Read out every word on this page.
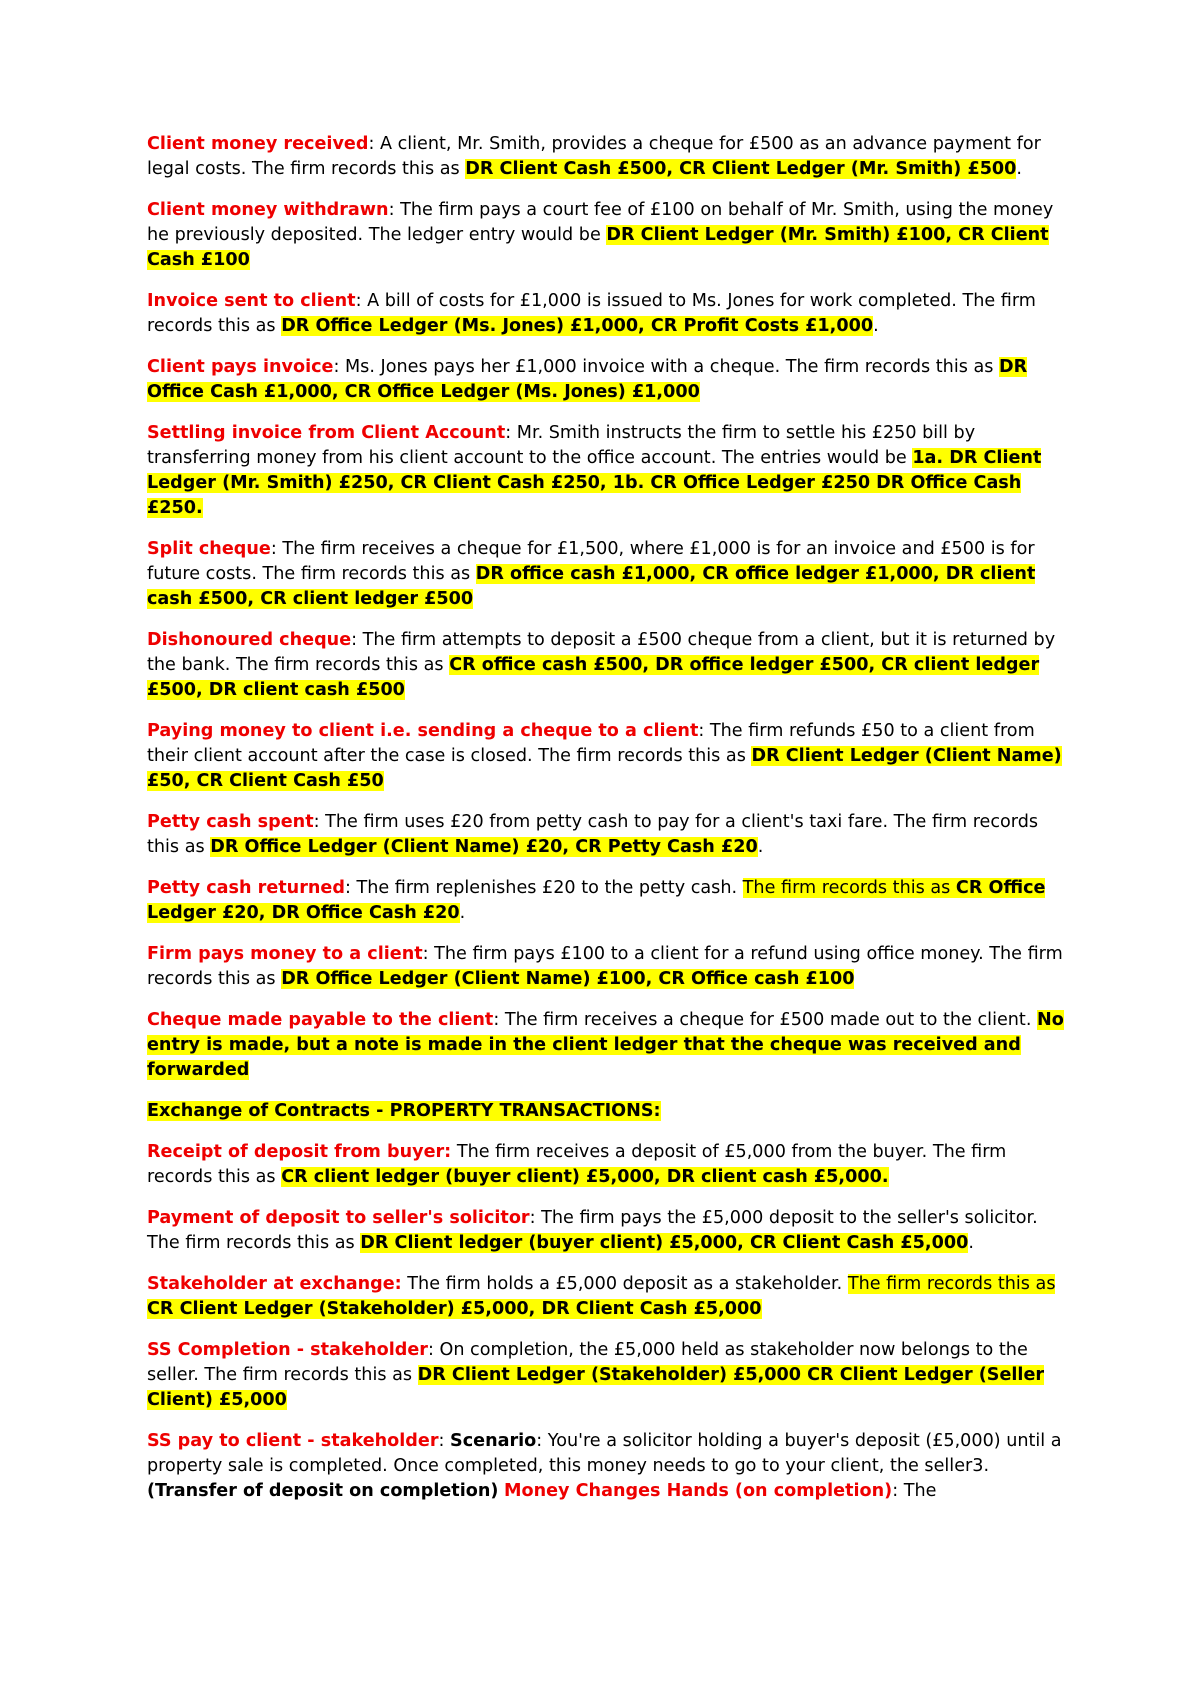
Client money received: A client, Mr. Smith, provides a cheque for £500 as an advance payment for legal costs. The firm records this as DR Client Cash £500, CR Client Ledger (Mr. Smith) £500.

Client money withdrawn: The firm pays a court fee of £100 on behalf of Mr. Smith, using the money he previously deposited. The ledger entry would be DR Client Ledger (Mr. Smith) £100, CR Client Cash £100

Invoice sent to client: A bill of costs for £1,000 is issued to Ms. Jones for work completed. The firm records this as DR Office Ledger (Ms. Jones) £1,000, CR Profit Costs £1,000.

Client pays invoice: Ms. Jones pays her £1,000 invoice with a cheque. The firm records this as DR Office Cash £1,000, CR Office Ledger (Ms. Jones) £1,000

Settling invoice from Client Account: Mr. Smith instructs the firm to settle his £250 bill by transferring money from his client account to the office account. The entries would be 1a. DR Client Ledger (Mr. Smith) £250, CR Client Cash £250, 1b. CR Office Ledger £250 DR Office Cash £250.

Split cheque: The firm receives a cheque for £1,500, where £1,000 is for an invoice and £500 is for future costs. The firm records this as DR office cash £1,000, CR office ledger £1,000, DR client cash £500, CR client ledger £500

Dishonoured cheque: The firm attempts to deposit a £500 cheque from a client, but it is returned by the bank. The firm records this as CR office cash £500, DR office ledger £500, CR client ledger £500, DR client cash £500

Paying money to client i.e. sending a cheque to a client: The firm refunds £50 to a client from their client account after the case is closed. The firm records this as DR Client Ledger (Client Name) £50, CR Client Cash £50

Petty cash spent: The firm uses £20 from petty cash to pay for a client's taxi fare. The firm records this as DR Office Ledger (Client Name) £20, CR Petty Cash £20.

Petty cash returned: The firm replenishes £20 to the petty cash. The firm records this as CR Office Ledger £20, DR Office Cash £20.

Firm pays money to a client: The firm pays £100 to a client for a refund using office money. The firm records this as DR Office Ledger (Client Name) £100, CR Office cash £100

Cheque made payable to the client: The firm receives a cheque for £500 made out to the client. No entry is made, but a note is made in the client ledger that the cheque was received and forwarded

Exchange of Contracts - PROPERTY TRANSACTIONS:

Receipt of deposit from buyer: The firm receives a deposit of £5,000 from the buyer. The firm records this as CR client ledger (buyer client) £5,000, DR client cash £5,000.

Payment of deposit to seller's solicitor: The firm pays the £5,000 deposit to the seller's solicitor. The firm records this as DR Client ledger (buyer client) £5,000, CR Client Cash £5,000.

Stakeholder at exchange: The firm holds a £5,000 deposit as a stakeholder. The firm records this as CR Client Ledger (Stakeholder) £5,000, DR Client Cash £5,000

SS Completion - stakeholder: On completion, the £5,000 held as stakeholder now belongs to the seller. The firm records this as DR Client Ledger (Stakeholder) £5,000 CR Client Ledger (Seller Client) £5,000

SS pay to client - stakeholder: Scenario: You're a solicitor holding a buyer's deposit (£5,000) until a property sale is completed. Once completed, this money needs to go to your client, the seller3. (Transfer of deposit on completion) Money Changes Hands (on completion): The
